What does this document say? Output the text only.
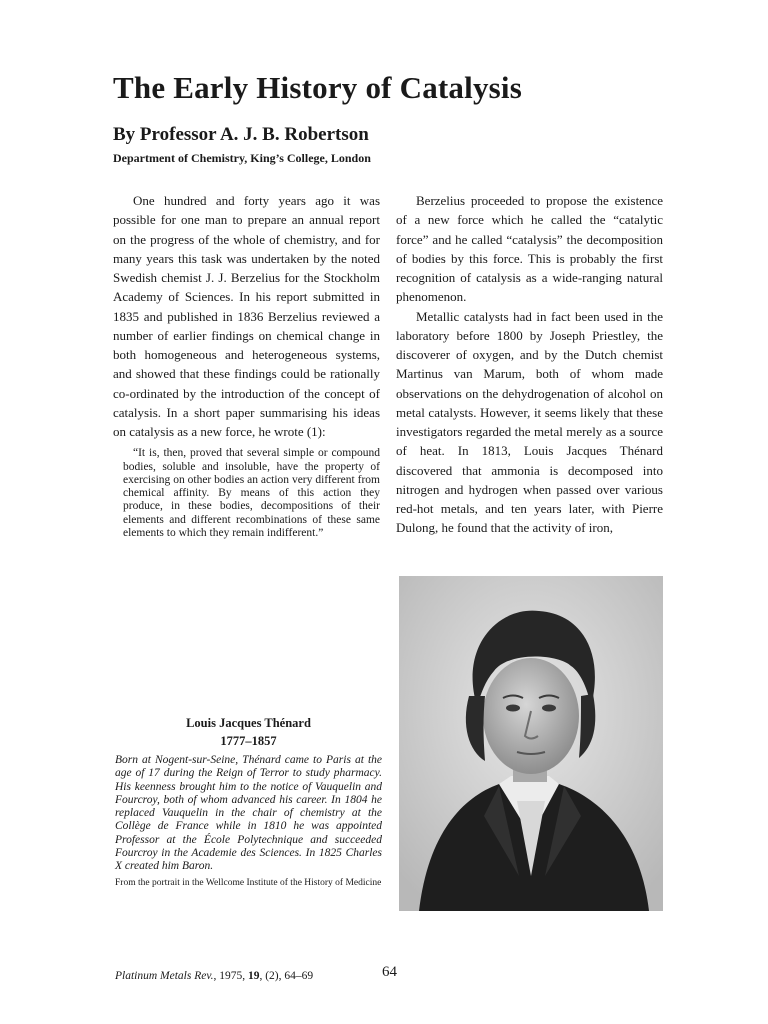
The Early History of Catalysis
By Professor A. J. B. Robertson
Department of Chemistry, King’s College, London

One hundred and forty years ago it was possible for one man to prepare an annual report on the progress of the whole of chemistry, and for many years this task was undertaken by the noted Swedish chemist J. J. Berzelius for the Stockholm Academy of Sciences. In his report submitted in 1835 and published in 1836 Berzelius reviewed a number of earlier findings on chemical change in both homogeneous and heterogeneous systems, and showed that these findings could be rationally co-ordinated by the introduction of the concept of catalysis. In a short paper summarising his ideas on catalysis as a new force, he wrote (1):

“It is, then, proved that several simple or compound bodies, soluble and insoluble, have the property of exercising on other bodies an action very different from chemical affinity. By means of this action they produce, in these bodies, decompositions of their elements and different recombinations of these same elements to which they remain indifferent.”

Berzelius proceeded to propose the existence of a new force which he called the “catalytic force” and he called “catalysis” the decomposition of bodies by this force. This is probably the first recognition of catalysis as a wide-ranging natural phenomenon.

Metallic catalysts had in fact been used in the laboratory before 1800 by Joseph Priestley, the discoverer of oxygen, and by the Dutch chemist Martinus van Marum, both of whom made observations on the dehydrogenation of alcohol on metal catalysts. However, it seems likely that these investigators regarded the metal merely as a source of heat. In 1813, Louis Jacques Thénard discovered that ammonia is decomposed into nitrogen and hydrogen when passed over various red-hot metals, and ten years later, with Pierre Dulong, he found that the activity of iron,

Louis Jacques Thénard

1777–1857

Born at Nogent-sur-Seine, Thénard came to Paris at the age of 17 during the Reign of Terror to study pharmacy. His keenness brought him to the notice of Vauquelin and Fourcroy, both of whom advanced his career. In 1804 he replaced Vauquelin in the chair of chemistry at the Collège de France while in 1810 he was appointed Professor at the École Polytechnique and succeeded Fourcroy in the Academie des Sciences. In 1825 Charles X created him Baron.

From the portrait in the Wellcome Institute of the History of Medicine

Platinum Metals Rev., 1975, 19, (2), 64–69	64
